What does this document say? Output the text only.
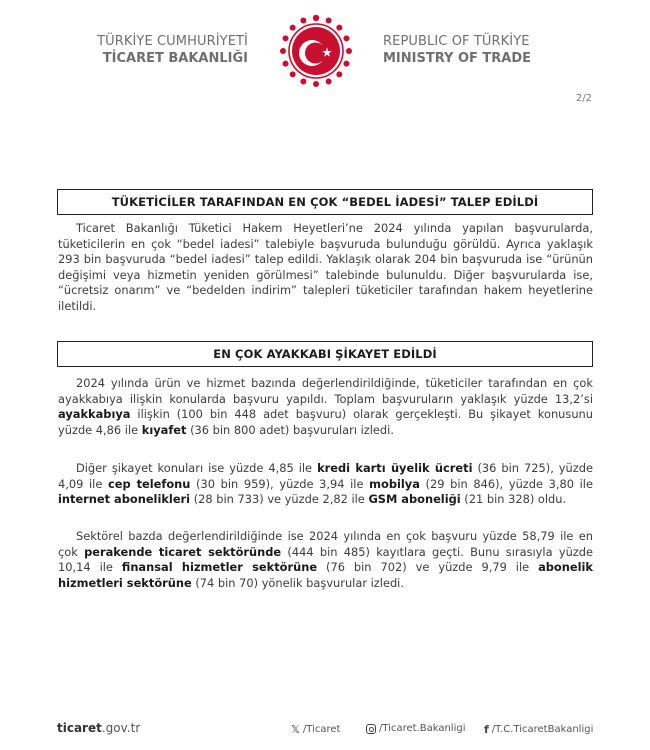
TÜRKİYE CUMHURİYETİ
TİCARET BAKANLIĞI
REPUBLIC OF TÜRKİYE
MINISTRY OF TRADE
2/2
TÜKETİCİLER TARAFINDAN EN ÇOK “BEDEL İADESİ” TALEP EDİLDİ

Ticaret Bakanlığı Tüketici Hakem Heyetleri’ne 2024 yılında yapılan başvurularda, tüketicilerin en çok “bedel iadesi” talebiyle başvuruda bulunduğu görüldü. Ayrıca yaklaşık 293 bin başvuruda “bedel iadesi” talep edildi. Yaklaşık olarak 204 bin başvuruda ise “ürünün değişimi veya hizmetin yeniden görülmesi” talebinde bulunuldu. Diğer başvurularda ise, “ücretsiz onarım” ve “bedelden indirim” talepleri tüketiciler tarafından hakem heyetlerine iletildi.

EN ÇOK AYAKKABI ŞİKAYET EDİLDİ

2024 yılında ürün ve hizmet bazında değerlendirildiğinde, tüketiciler tarafından en çok ayakkabıya ilişkin konularda başvuru yapıldı. Toplam başvuruların yaklaşık yüzde 13,2’si ayakkabıya ilişkin (100 bin 448 adet başvuru) olarak gerçekleşti. Bu şikayet konusunu yüzde 4,86 ile kıyafet (36 bin 800 adet) başvuruları izledi.

Diğer şikayet konuları ise yüzde 4,85 ile kredi kartı üyelik ücreti (36 bin 725), yüzde 4,09 ile cep telefonu (30 bin 959), yüzde 3,94 ile mobilya (29 bin 846), yüzde 3,80 ile internet abonelikleri (28 bin 733) ve yüzde 2,82 ile GSM aboneliği (21 bin 328) oldu.

Sektörel bazda değerlendirildiğinde ise 2024 yılında en çok başvuru yüzde 58,79 ile en çok perakende ticaret sektöründe (444 bin 485) kayıtlara geçti. Bunu sırasıyla yüzde 10,14 ile finansal hizmetler sektörüne (76 bin 702) ve yüzde 9,79 ile abonelik hizmetleri sektörüne (74 bin 70) yönelik başvurular izledi.

ticaret.gov.tr	𝕏 /Ticaret	/Ticaret.Bakanligi f /T.C.TicaretBakanligi
